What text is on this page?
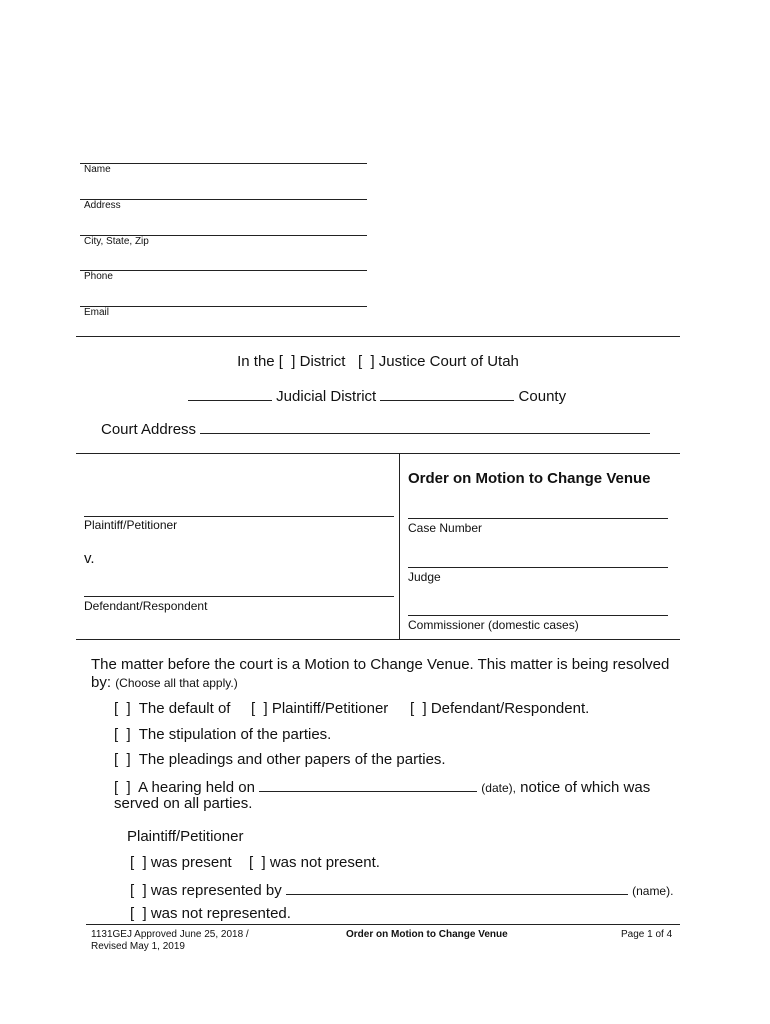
Name
Address
City, State, Zip
Phone
Email
In the [  ] District   [  ] Justice Court of Utah
Judicial District	County
Court Address
Plaintiff/Petitioner
v.
Defendant/Respondent
Order on Motion to Change Venue
Case Number
Judge
Commissioner (domestic cases)
The matter before the court is a Motion to Change Venue. This matter is being resolved by: (Choose all that apply.)
[  ]  The default of [  ] Plaintiff/Petitioner [  ] Defendant/Respondent.
[  ]  The stipulation of the parties.
[  ]  The pleadings and other papers of the parties.
[  ]  A hearing held on	(date), notice of which was
served on all parties.
Plaintiff/Petitioner
[  ] was present [  ] was not present.
[  ] was represented by	(name).
[  ] was not represented.
1131GEJ Approved June 25, 2018 /
Revised May 1, 2019
Order on Motion to Change Venue	Page 1 of 4
